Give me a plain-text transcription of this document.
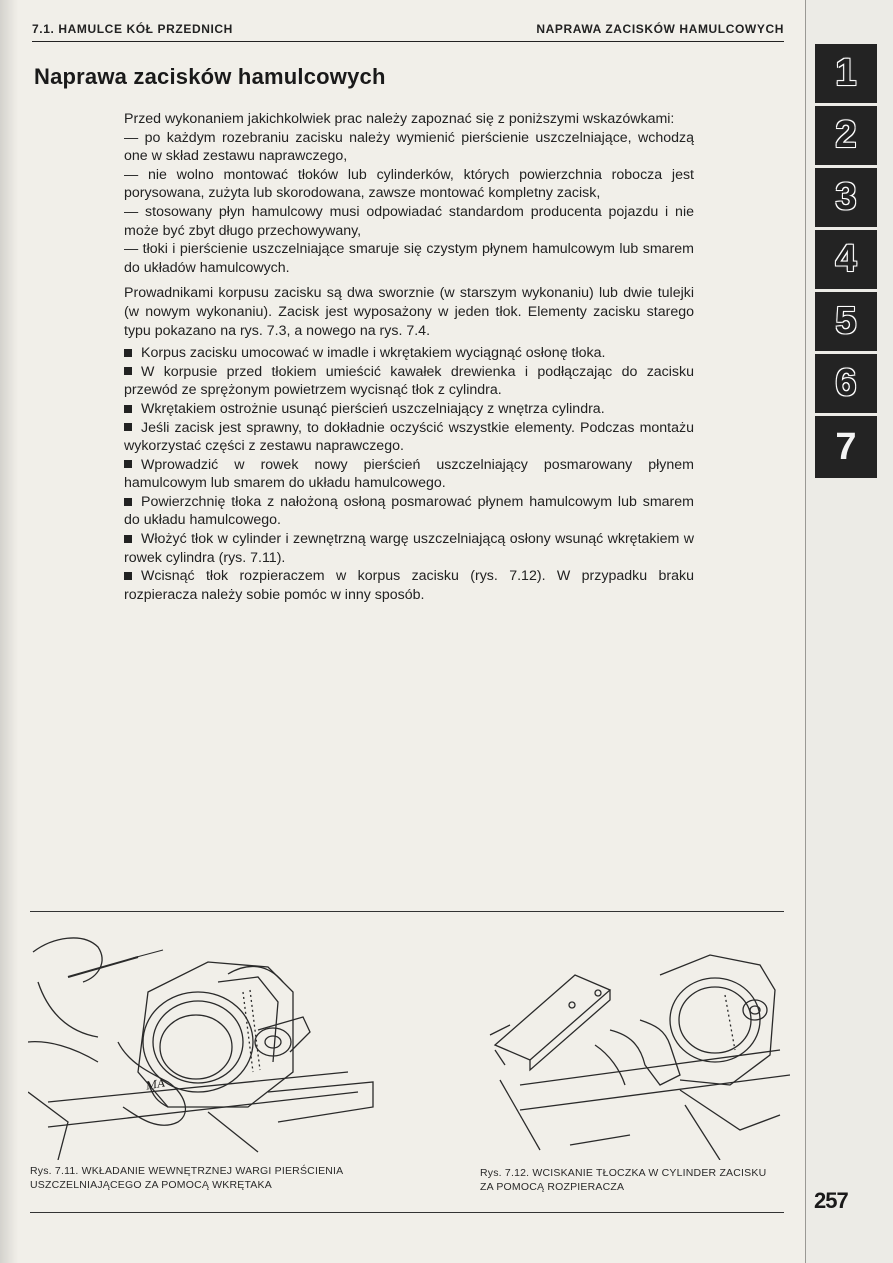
7.1. HAMULCE KÓŁ PRZEDNICH	NAPRAWA ZACISKÓW HAMULCOWYCH
Naprawa zacisków hamulcowych

Przed wykonaniem jakichkolwiek prac należy zapoznać się z poniższymi wskazówkami:

— po każdym rozebraniu zacisku należy wymienić pierścienie uszczelniające, wchodzą one w skład zestawu naprawczego,

— nie wolno montować tłoków lub cylinderków, których powierzchnia robocza jest porysowana, zużyta lub skorodowana, zawsze montować kompletny zacisk,

— stosowany płyn hamulcowy musi odpowiadać standardom producenta pojazdu i nie może być zbyt długo przechowywany,

— tłoki i pierścienie uszczelniające smaruje się czystym płynem hamulcowym lub smarem do układów hamulcowych.

Prowadnikami korpusu zacisku są dwa sworznie (w starszym wykonaniu) lub dwie tulejki (w nowym wykonaniu). Zacisk jest wyposażony w jeden tłok. Elementy zacisku starego typu pokazano na rys. 7.3, a nowego na rys. 7.4.

Korpus zacisku umocować w imadle i wkrętakiem wyciągnąć osłonę tłoka.

W korpusie przed tłokiem umieścić kawałek drewienka i podłączając do zacisku przewód ze sprężonym powietrzem wycisnąć tłok z cylindra.

Wkrętakiem ostrożnie usunąć pierścień uszczelniający z wnętrza cylindra.

Jeśli zacisk jest sprawny, to dokładnie oczyścić wszystkie elementy. Podczas montażu wykorzystać części z zestawu naprawczego.

Wprowadzić w rowek nowy pierścień uszczelniający posmarowany płynem hamulcowym lub smarem do układu hamulcowego.

Powierzchnię tłoka z nałożoną osłoną posmarować płynem hamulcowym lub smarem do układu hamulcowego.

Włożyć tłok w cylinder i zewnętrzną wargę uszczelniającą osłony wsunąć wkrętakiem w rowek cylindra (rys. 7.11).

Wcisnąć tłok rozpieraczem w korpus zacisku (rys. 7.12). W przypadku braku rozpieracza należy sobie pomóc w inny sposób.

1
2
3
4
5
6
7
MA
Rys. 7.11. WKŁADANIE WEWNĘTRZNEJ WARGI PIERŚCIENIA
USZCZELNIAJĄCEGO ZA POMOCĄ WKRĘTAKA
Rys. 7.12. WCISKANIE TŁOCZKA W CYLINDER ZACISKU
ZA POMOCĄ ROZPIERACZA
257
